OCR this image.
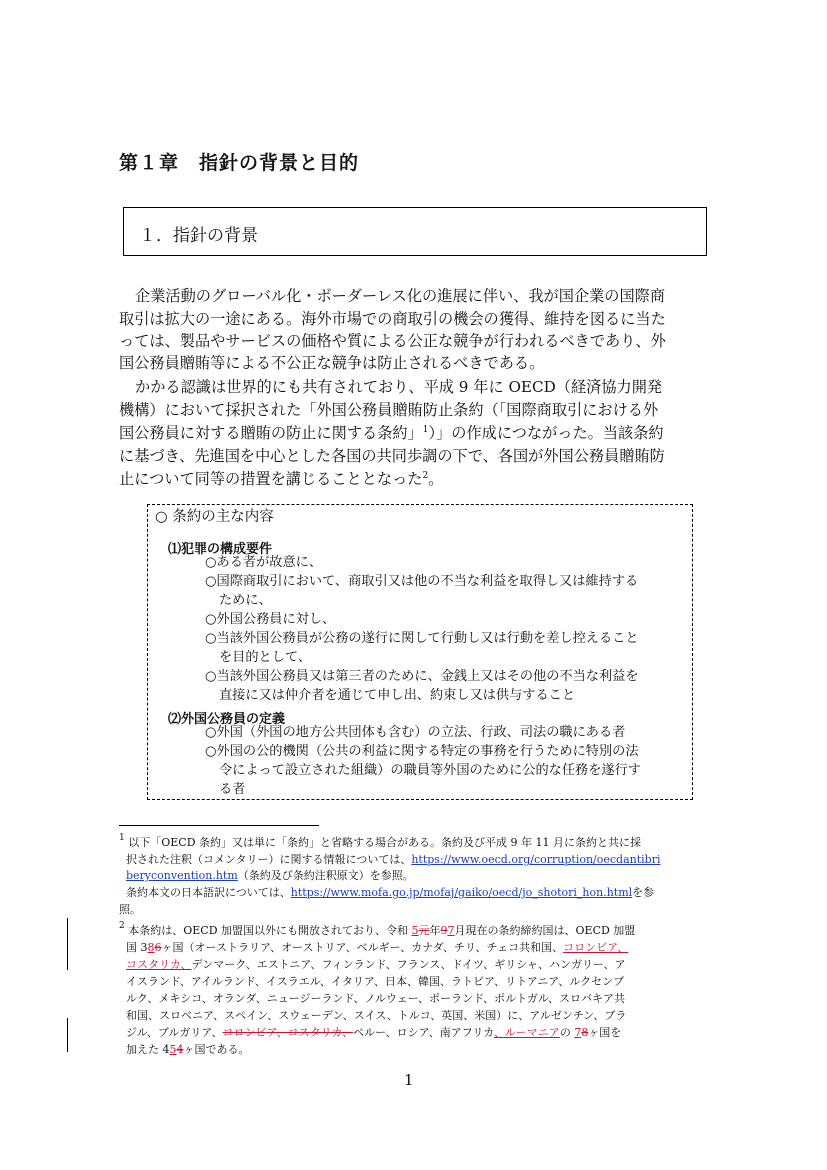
第１章　指針の背景と目的
１．指針の背景
企業活動のグローバル化・ボーダーレス化の進展に伴い、我が国企業の国際商
取引は拡大の一途にある。海外市場での商取引の機会の獲得、維持を図るに当た
っては、製品やサービスの価格や質による公正な競争が行われるべきであり、外
国公務員贈賄等による不公正な競争は防止されるべきである。
かかる認識は世界的にも共有されており、平成 9 年に OECD（経済協力開発
機構）において採択された「外国公務員贈賄防止条約（「国際商取引における外
国公務員に対する贈賄の防止に関する条約」$^1$）」の作成につながった。当該条約
に基づき、先進国を中心とした各国の共同歩調の下で、各国が外国公務員贈賄防
止について同等の措置を講じることとなった$^2$。
○ 条約の主な内容
⑴犯罪の構成要件
○ある者が故意に、
○国際商取引において、商取引又は他の不当な利益を取得し又は維持する
ために、
○外国公務員に対し、
○当該外国公務員が公務の遂行に関して行動し又は行動を差し控えること
を目的として、
○当該外国公務員又は第三者のために、金銭上又はその他の不当な利益を
直接に又は仲介者を通じて申し出、約束し又は供与すること
⑵外国公務員の定義
○外国（外国の地方公共団体も含む）の立法、行政、司法の職にある者
○外国の公的機関（公共の利益に関する特定の事務を行うために特別の法
令によって設立された組織）の職員等外国のために公的な任務を遂行す
る者
$^1$ 以下「OECD 条約」又は単に「条約」と省略する場合がある。条約及び平成 9 年 11 月に条約と共に採
択された注釈（コメンタリー）に関する情報については、https://www.oecd.org/corruption/oecdantibri
beryconvention.htm（条約及び条約注釈原文）を参照。
条約本文の日本語訳については、https://www.mofa.go.jp/mofaj/gaiko/oecd/jo_shotori_hon.htmlを参
照。
$^2$ 本条約は、OECD 加盟国以外にも開放されており、令和 5元年97月現在の条約締約国は、OECD 加盟
国 386ヶ国（オーストラリア、オーストリア、ベルギー、カナダ、チリ、チェコ共和国、コロンビア、
コスタリカ、デンマーク、エストニア、フィンランド、フランス、ドイツ、ギリシャ、ハンガリー、ア
イスランド、アイルランド、イスラエル、イタリア、日本、韓国、ラトビア、リトアニア、ルクセンブ
ルク、メキシコ、オランダ、ニュージーランド、ノルウェー、ポーランド、ポルトガル、スロバキア共
和国、スロベニア、スペイン、スウェーデン、スイス、トルコ、英国、米国）に、アルゼンチン、ブラ
ジル、ブルガリア、コロンビア、コスタリカ、ペルー、ロシア、南アフリカ、ルーマニアの 78ヶ国を
加えた 454ヶ国である。
1
